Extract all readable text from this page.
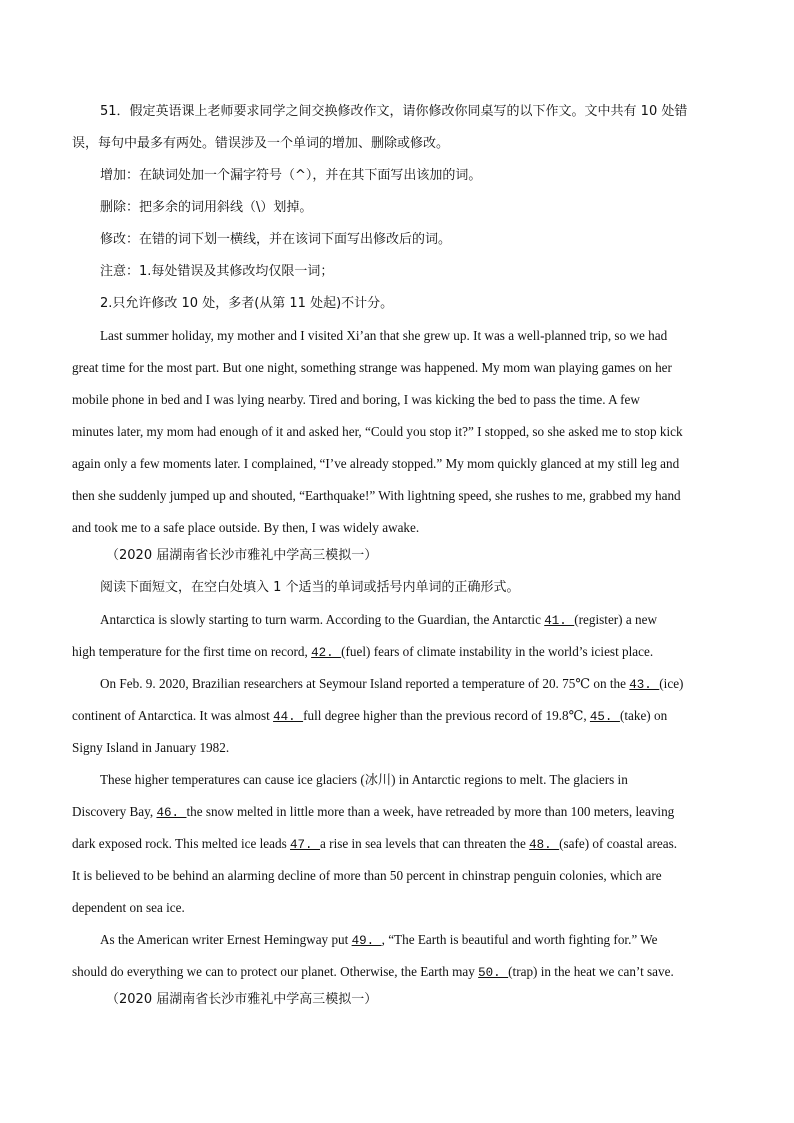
51．假定英语课上老师要求同学之间交换修改作文，请你修改你同桌写的以下作文。文中共有 10 处错
误，每句中最多有两处。错误涉及一个单词的增加、删除或修改。
增加：在缺词处加一个漏字符号（^），并在其下面写出该加的词。
删除：把多余的词用斜线（\）划掉。
修改：在错的词下划一横线，并在该词下面写出修改后的词。
注意：1.每处错误及其修改均仅限一词；
2.只允许修改 10 处，多者(从第 11 处起)不计分。
Last summer holiday, my mother and I visited Xi’an that she grew up. It was a well-planned trip, so we had
great time for the most part. But one night, something strange was happened. My mom wan playing games on her
mobile phone in bed and I was lying nearby. Tired and boring, I was kicking the bed to pass the time. A few
minutes later, my mom had enough of it and asked her, “Could you stop it?” I stopped, so she asked me to stop kick
again only a few moments later. I complained, “I’ve already stopped.” My mom quickly glanced at my still leg and
then she suddenly jumped up and shouted, “Earthquake!” With lightning speed, she rushes to me, grabbed my hand
and took me to a safe place outside. By then, I was widely awake.
（2020 届湖南省长沙市雅礼中学高三模拟一）
阅读下面短文，在空白处填入 1 个适当的单词或括号内单词的正确形式。
Antarctica is slowly starting to turn warm. According to the Guardian, the Antarctic 41. (register) a new
high temperature for the first time on record, 42. (fuel) fears of climate instability in the world’s iciest place.
On Feb. 9. 2020, Brazilian researchers at Seymour Island reported a temperature of 20. 75℃ on the 43. (ice)
continent of Antarctica. It was almost 44. full degree higher than the previous record of 19.8℃, 45. (take) on
Signy Island in January 1982.
These higher temperatures can cause ice glaciers (冰川) in Antarctic regions to melt. The glaciers in
Discovery Bay, 46. the snow melted in little more than a week, have retreaded by more than 100 meters, leaving
dark exposed rock. This melted ice leads 47. a rise in sea levels that can threaten the 48. (safe) of coastal areas.
It is believed to be behind an alarming decline of more than 50 percent in chinstrap penguin colonies, which are
dependent on sea ice.
As the American writer Ernest Hemingway put 49. , “The Earth is beautiful and worth fighting for.” We
should do everything we can to protect our planet. Otherwise, the Earth may 50. (trap) in the heat we can’t save.
（2020 届湖南省长沙市雅礼中学高三模拟一）
